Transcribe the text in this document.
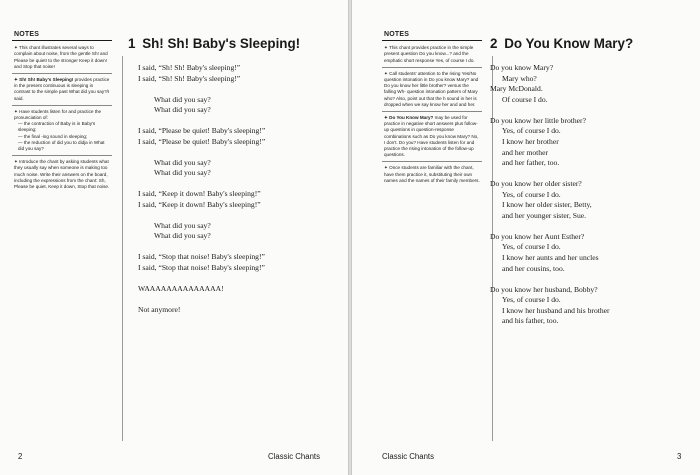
NOTES
✦ This chant illustrates several ways to complain about noise, from the gentle Sh! and Please be quiet! to the stronger Keep it down! and Stop that noise!
✦ Sh! Sh! Baby's Sleeping! provides practice in the present continuous is sleeping in contrast to the simple past What did you say?/I said.
✦ Have students listen for and practice the pronunciation of:
— the contraction of Baby is in Baby's sleeping;
— the final -ing sound in sleeping;
— the reduction of did you to didja in What did you say?
✦ Introduce the chant by asking students what they usually say when someone is making too much noise. Write their answers on the board, including the expressions from the chant: Sh, Please be quiet, Keep it down, Stop that noise.
1 Sh! Sh! Baby's Sleeping!
I said, “Sh! Sh! Baby's sleeping!”
I said, “Sh! Sh! Baby's sleeping!”
What did you say?
What did you say?
I said, “Please be quiet! Baby's sleeping!”
I said, “Please be quiet! Baby's sleeping!”
What did you say?
What did you say?
I said, “Keep it down! Baby's sleeping!”
I said, “Keep it down! Baby's sleeping!”
What did you say?
What did you say?
I said, “Stop that noise! Baby's sleeping!”
I said, “Stop that noise! Baby's sleeping!”
WAAAAAAAAAAAAAA!
Not anymore!
2	Classic Chants
NOTES
✦ This chant provides practice in the simple present question Do you know...? and the emphatic short response Yes, of course I do.
✦ Call students' attention to the rising Yes/No question intonation in Do you know Mary? and Do you know her little brother? versus the falling Wh- question intonation pattern of Mary who? Also, point out that the h sound in her is dropped when we say know her and and her.
✦ Do You Know Mary? may be used for practice in negative short answers plus follow-up questions in question-response combinations such as Do you know Mary? No, I don't. Do you? Have students listen for and practice the rising intonation of the follow-up questions.
✦ Once students are familiar with the chant, have them practice it, substituting their own names and the names of their family members.
2 Do You Know Mary?
Do you know Mary?
Mary who?
Mary McDonald.
Of course I do.
Do you know her little brother?
Yes, of course I do.
I know her brother
and her mother
and her father, too.
Do you know her older sister?
Yes, of course I do.
I know her older sister, Betty,
and her younger sister, Sue.
Do you know her Aunt Esther?
Yes, of course I do.
I know her aunts and her uncles
and her cousins, too.
Do you know her husband, Bobby?
Yes, of course I do.
I know her husband and his brother
and his father, too.
Classic Chants	3
